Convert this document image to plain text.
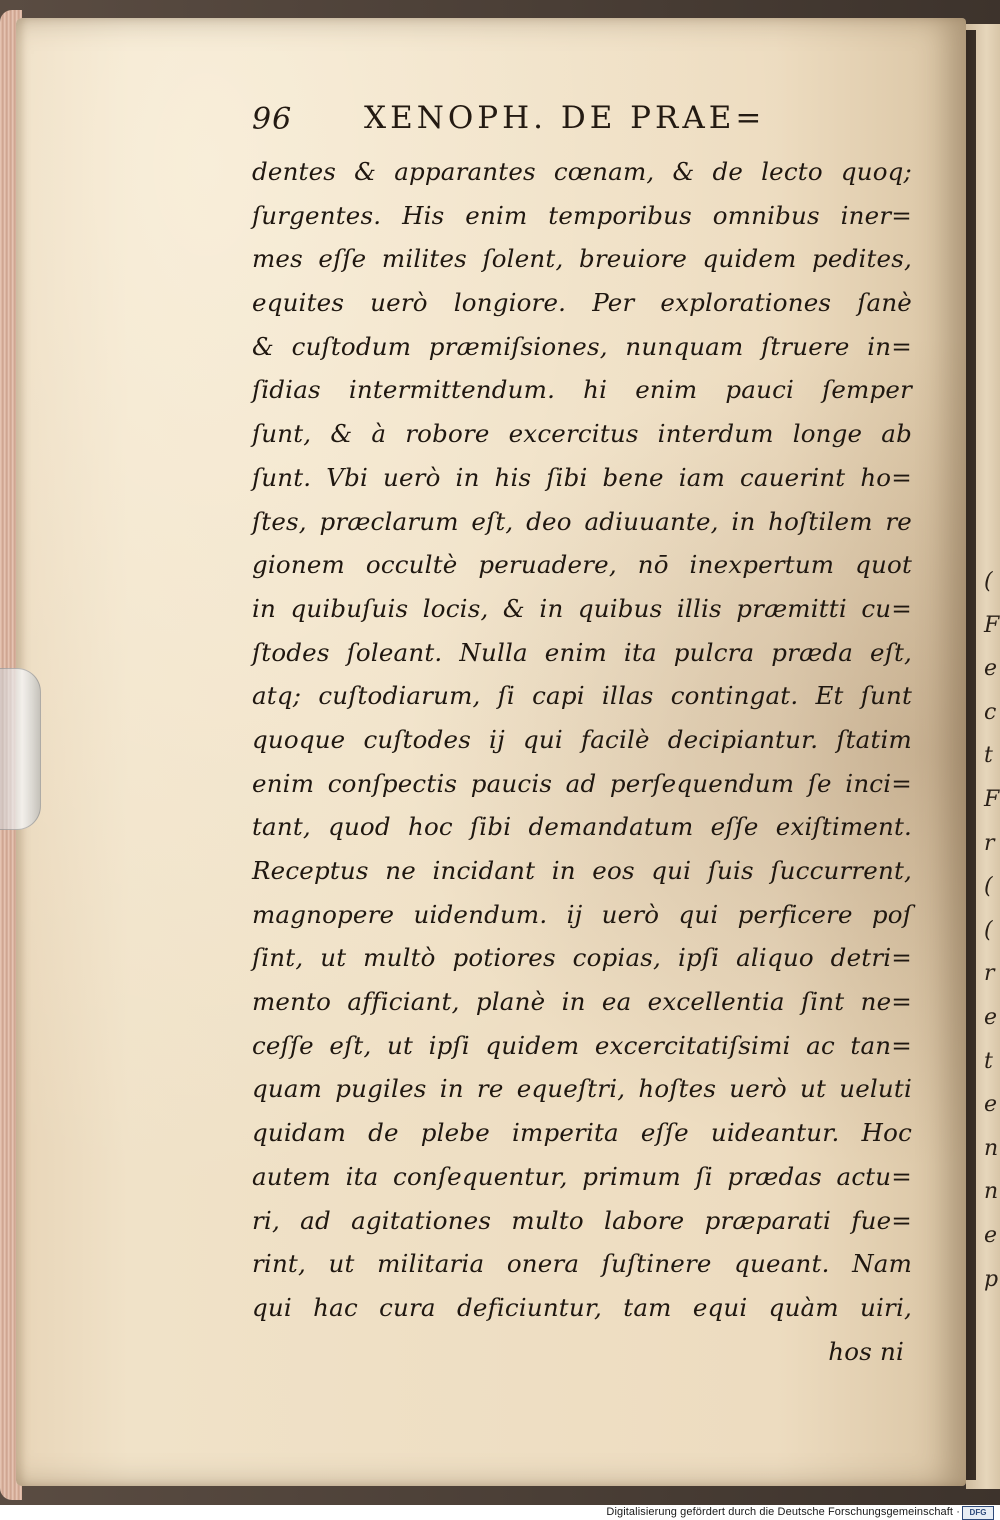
(
F
e
c
t
F
r
(
(
r
e
t
e
n
n
e
p
96 XENOPH. DE PRAE=
dentes & apparantes cœnam, & de lecto quoq;
ſurgentes. His enim temporibus omnibus iner=
mes eſſe milites ſolent, breuiore quidem pedites,
equites uerò longiore. Per explorationes ſanè
& cuſtodum præmiſsiones, nunquam ſtruere in=
ſidias intermittendum. hi enim pauci ſemper
ſunt, & à robore excercitus interdum longe ab
ſunt. Vbi uerò in his ſibi bene iam cauerint ho=
ſtes, præclarum eſt, deo adiuuante, in hoſtilem re
gionem occultè peruadere, nō inexpertum quot
in quibuſuis locis, & in quibus illis præmitti cu=
ſtodes ſoleant. Nulla enim ita pulcra præda eſt,
atq; cuſtodiarum, ſi capi illas contingat. Et ſunt
quoque cuſtodes ij qui facilè decipiantur. ſtatim
enim conſpectis paucis ad perſequendum ſe inci=
tant, quod hoc ſibi demandatum eſſe exiſtiment.
Receptus ne incidant in eos qui ſuis ſuccurrent,
magnopere uidendum. ij uerò qui perficere poſ
ſint, ut multò potiores copias, ipſi aliquo detri=
mento afficiant, planè in ea excellentia ſint ne=
ceſſe eſt, ut ipſi quidem excercitatiſsimi ac tan=
quam pugiles in re equeſtri, hoſtes uerò ut ueluti
quidam de plebe imperita eſſe uideantur. Hoc
autem ita conſequentur, primum ſi prædas actu=
ri, ad agitationes multo labore præparati fue=
rint, ut militaria onera ſuſtinere queant. Nam
qui hac cura deficiuntur, tam equi quàm uiri,
hos ni
Digitalisierung gefördert durch die Deutsche Forschungsgemeinschaft ·	DFG
